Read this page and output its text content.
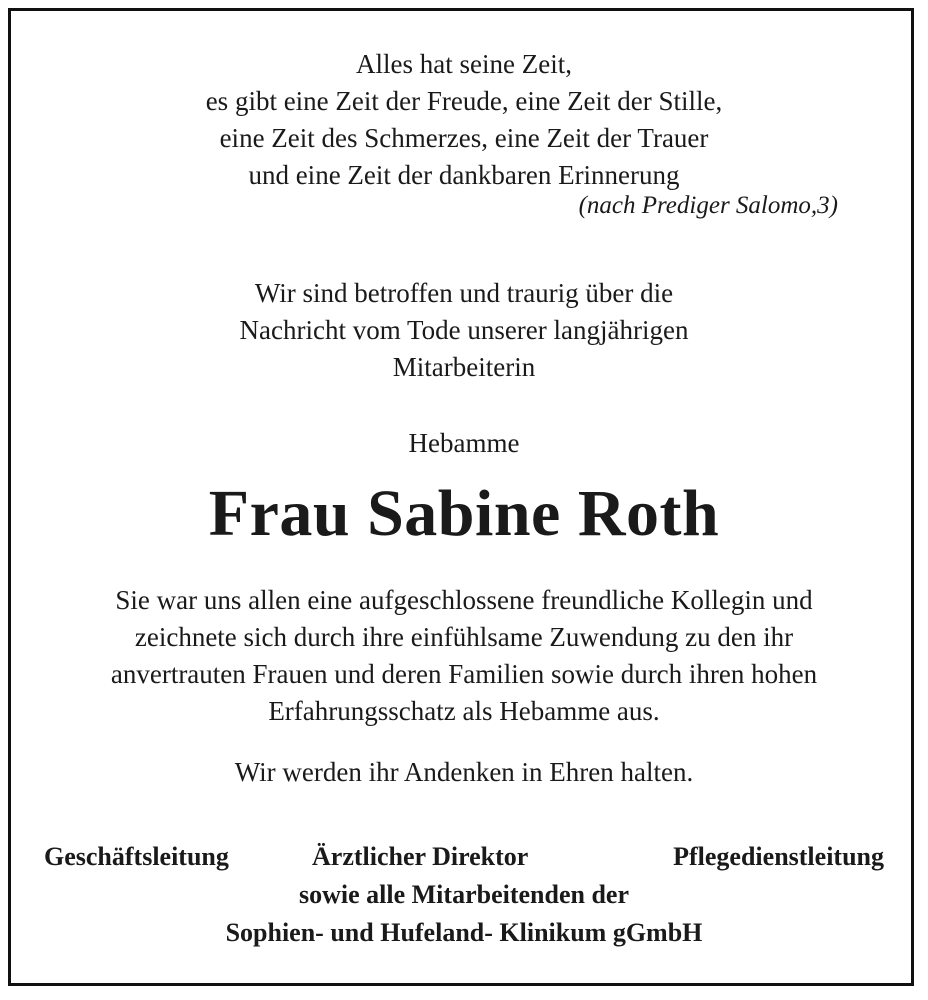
Alles hat seine Zeit,
es gibt eine Zeit der Freude, eine Zeit der Stille,
eine Zeit des Schmerzes, eine Zeit der Trauer
und eine Zeit der dankbaren Erinnerung
(nach Prediger Salomo,3)
Wir sind betroffen und traurig über die
Nachricht vom Tode unserer langjährigen
Mitarbeiterin
Hebamme
Frau Sabine Roth
Sie war uns allen eine aufgeschlossene freundliche Kollegin und
zeichnete sich durch ihre einfühlsame Zuwendung zu den ihr
anvertrauten Frauen und deren Familien sowie durch ihren hohen
Erfahrungsschatz als Hebamme aus.
Wir werden ihr Andenken in Ehren halten.
Geschäftsleitung	Ärztlicher Direktor	Pflegedienstleitung
sowie alle Mitarbeitenden der
Sophien- und Hufeland- Klinikum gGmbH
